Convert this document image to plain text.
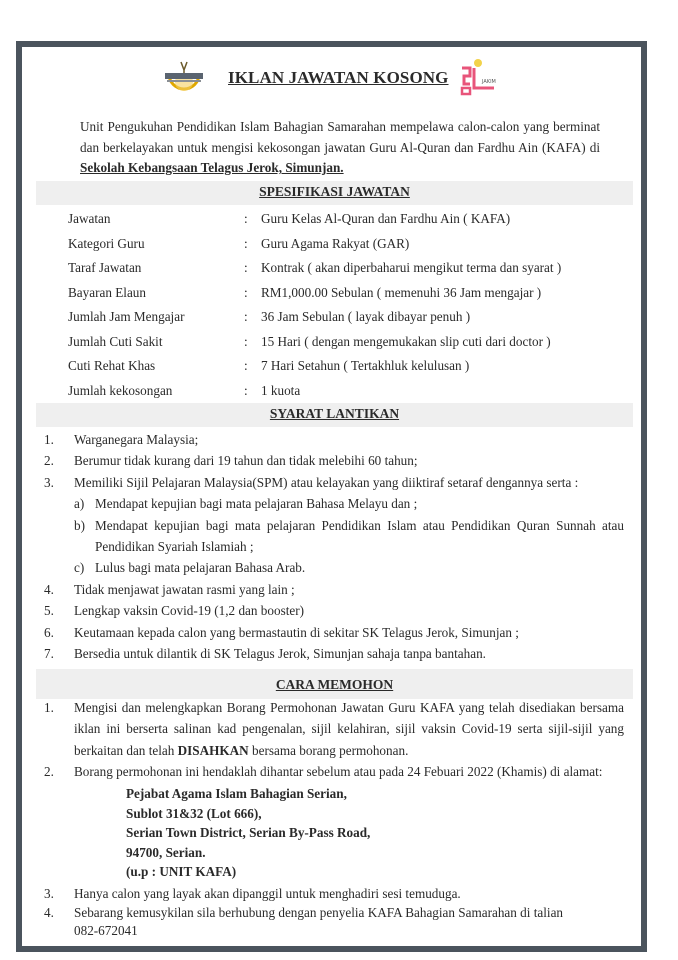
IKLAN JAWATAN KOSONG	JAKIM
Unit Pengukuhan Pendidikan Islam Bahagian Samarahan mempelawa calon-calon yang berminat dan berkelayakan untuk mengisi kekosongan jawatan Guru Al-Quran dan Fardhu Ain (KAFA) di Sekolah Kebangsaan Telagus Jerok, Simunjan.
SPESIFIKASI JAWATAN
Jawatan	: Guru Kelas Al-Quran dan Fardhu Ain ( KAFA)
Kategori Guru	: Guru Agama Rakyat (GAR)
Taraf Jawatan	: Kontrak ( akan diperbaharui mengikut terma dan syarat )
Bayaran Elaun	: RM1,000.00 Sebulan ( memenuhi 36 Jam mengajar )
Jumlah Jam Mengajar	: 36 Jam Sebulan ( layak dibayar penuh )
Jumlah Cuti Sakit	: 15 Hari ( dengan mengemukakan slip cuti dari doctor )
Cuti Rehat Khas	: 7 Hari Setahun ( Tertakhluk kelulusan )
Jumlah kekosongan	: 1 kuota
SYARAT LANTIKAN
1. Warganegara Malaysia;
2. Berumur tidak kurang dari 19 tahun dan tidak melebihi 60 tahun;
3. Memiliki Sijil Pelajaran Malaysia(SPM) atau kelayakan yang diiktiraf setaraf dengannya serta :
a) Mendapat kepujian bagi mata pelajaran Bahasa Melayu dan ;
b) Mendapat kepujian bagi mata pelajaran Pendidikan Islam atau Pendidikan Quran Sunnah atau Pendidikan Syariah Islamiah ;
c) Lulus bagi mata pelajaran Bahasa Arab.
4. Tidak menjawat jawatan rasmi yang lain ;
5. Lengkap vaksin Covid-19 (1,2 dan booster)
6. Keutamaan kepada calon yang bermastautin di sekitar SK Telagus Jerok, Simunjan ;
7. Bersedia untuk dilantik di SK Telagus Jerok, Simunjan sahaja tanpa bantahan.
CARA MEMOHON
1. Mengisi dan melengkapkan Borang Permohonan Jawatan Guru KAFA yang telah disediakan bersama iklan ini berserta salinan kad pengenalan, sijil kelahiran, sijil vaksin Covid-19 serta sijil-sijil yang berkaitan dan telah DISAHKAN bersama borang permohonan.
2. Borang permohonan ini hendaklah dihantar sebelum atau pada 24 Febuari 2022 (Khamis) di alamat:
Pejabat Agama Islam Bahagian Serian,
Sublot 31&32 (Lot 666),
Serian Town District, Serian By-Pass Road,
94700, Serian.
(u.p : UNIT KAFA)
3. Hanya calon yang layak akan dipanggil untuk menghadiri sesi temuduga.
4. Sebarang kemusykilan sila berhubung dengan penyelia KAFA Bahagian Samarahan di talian
082-672041
